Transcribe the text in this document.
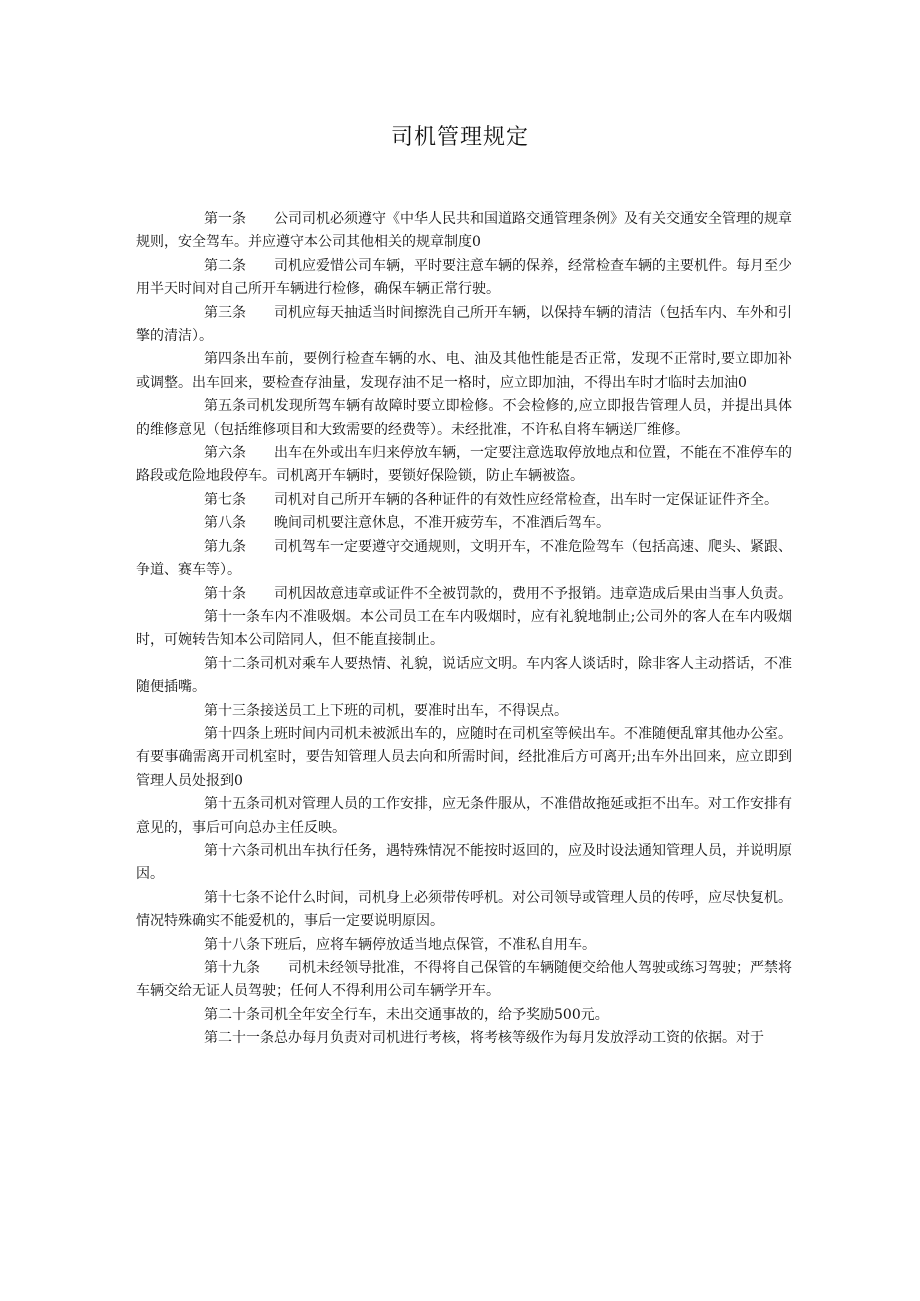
司机管理规定

第一条 公司司机必须遵守《中华人民共和国道路交通管理条例》及有关交通安全管理的规章规则，安全驾车。并应遵守本公司其他相关的规章制度0

第二条 司机应爱惜公司车辆，平时要注意车辆的保养，经常检查车辆的主要机件。每月至少用半天时间对自己所开车辆进行检修，确保车辆正常行驶。

第三条 司机应每天抽适当时间擦洗自己所开车辆，以保持车辆的清洁（包括车内、车外和引擎的清洁）。

第四条出车前，要例行检查车辆的水、电、油及其他性能是否正常，发现不正常时,要立即加补或调整。出车回来，要检查存油量，发现存油不足一格时，应立即加油，不得出车时才临时去加油0

第五条司机发现所驾车辆有故障时要立即检修。不会检修的,应立即报告管理人员，并提出具体的维修意见（包括维修项目和大致需要的经费等）。未经批准，不许私自将车辆送厂维修。

第六条 出车在外或出车归来停放车辆，一定要注意选取停放地点和位置，不能在不准停车的路段或危险地段停车。司机离开车辆时，要锁好保险锁，防止车辆被盗。

第七条 司机对自己所开车辆的各种证件的有效性应经常检查，出车时一定保证证件齐全。

第八条 晚间司机要注意休息，不准开疲劳车，不准酒后驾车。

第九条 司机驾车一定要遵守交通规则，文明开车，不准危险驾车（包括高速、爬头、紧跟、争道、赛车等）。

第十条 司机因故意违章或证件不全被罚款的，费用不予报销。违章造成后果由当事人负责。

第十一条车内不准吸烟。本公司员工在车内吸烟时，应有礼貌地制止;公司外的客人在车内吸烟时，可婉转告知本公司陪同人，但不能直接制止。

第十二条司机对乘车人要热情、礼貌，说话应文明。车内客人谈话时，除非客人主动搭话，不准随便插嘴。

第十三条接送员工上下班的司机，要准时出车，不得误点。

第十四条上班时间内司机未被派出车的，应随时在司机室等候出车。不准随便乱窜其他办公室。有要事确需离开司机室时，要告知管理人员去向和所需时间，经批准后方可离开;出车外出回来，应立即到管理人员处报到0

第十五条司机对管理人员的工作安排，应无条件服从，不准借故拖延或拒不出车。对工作安排有意见的，事后可向总办主任反映。

第十六条司机出车执行任务，遇特殊情况不能按时返回的，应及时设法通知管理人员，并说明原因。

第十七条不论什么时间，司机身上必须带传呼机。对公司领导或管理人员的传呼，应尽快复机。情况特殊确实不能爱机的，事后一定要说明原因。

第十八条下班后，应将车辆停放适当地点保管，不准私自用车。

第十九条 司机未经领导批准，不得将自己保管的车辆随便交给他人驾驶或练习驾驶；严禁将车辆交给无证人员驾驶；任何人不得利用公司车辆学开车。

第二十条司机全年安全行车，未出交通事故的，给予奖励500元。

第二十一条总办每月负责对司机进行考核，将考核等级作为每月发放浮动工资的依据。对于
